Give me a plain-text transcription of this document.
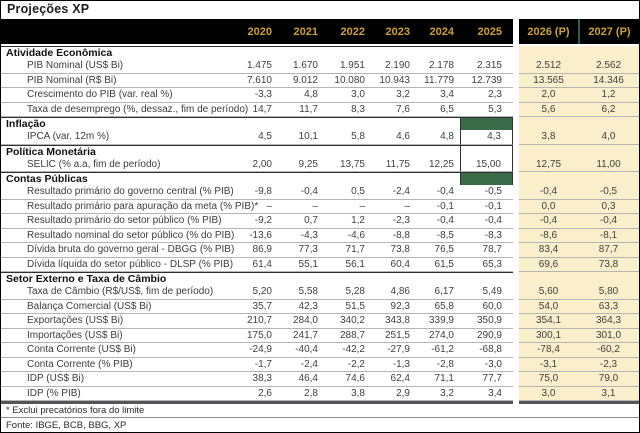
Projeções XP
2020	2021	2022	2023	2024	2025	2026 (P)	2027 (P)
Atividade Econômica
PIB Nominal (US$ Bi)	1.475	1.670	1.951	2.190	2.178	2.315	2.512	2.562
PIB Nominal (R$ Bi)	7.610	9.012	10.080	10.943	11.779	12.739	13.565	14.346
Crescimento do PIB (var. real %)	-3,3	4,8	3,0	3,2	3,4	2,3	2,0	1,2
Taxa de desemprego (%, dessaz., fim de período) 14,7	11,7	8,3	7,6	6,5	5,3	5,6	6,2
Inflação
IPCA (var. 12m %)	4,5	10,1	5,8	4,6	4,8	4,3	3,8	4,0
Política Monetária
SELIC (% a.a, fim de período)	2,00	9,25	13,75	11,75	12,25	15,00	12,75	11,00
Contas Públicas
Resultado primário do governo central (% PIB)	-9,8	-0,4	0,5	-2,4	-0,4	-0,5	-0,4	-0,5
Resultado primário para apuração da meta (% PIB)* –	–	–	–	-0,1	-0,1	0,0	0,3
Resultado primário do setor público (% PIB)	-9,2	0,7	1,2	-2,3	-0,4	-0,4	-0,4	-0,4
Resultado nominal do setor público (% do PIB)	-13,6	-4,3	-4,6	-8,8	-8,5	-8,3	-8,6	-8,1
Dívida bruta do governo geral - DBGG (% PIB)	86,9	77,3	71,7	73,8	76,5	78,7	83,4	87,7
Dívida líquida do setor público - DLSP (% PIB)	61,4	55,1	56,1	60,4	61,5	65,3	69,6	73,8
Setor Externo e Taxa de Câmbio
Taxa de Câmbio (R$/US$, fim de período)	5,20	5,58	5,28	4,86	6,17	5,49	5,60	5,80
Balança Comercial (US$ Bi)	35,7	42,3	51,5	92,3	65,8	60,0	54,0	63,3
Exportações (US$ Bi)	210,7	284,0	340,2	343,8	339,9	350,9	354,1	364,3
Importações (US$ Bi)	175,0	241,7	288,7	251,5	274,0	290,9	300,1	301,0
Conta Corrente (US$ Bi)	-24,9	-40,4	-42,2	-27,9	-61,2	-68,8	-78,4	-60,2
Conta Corrente (% PIB)	-1,7	-2,4	-2,2	-1,3	-2,8	-3,0	-3,1	-2,3
IDP (US$ Bi)	38,3	46,4	74,6	62,4	71,1	77,7	75,0	79,0
IDP (% PIB)	2,6	2,8	3,8	2,9	3,2	3,4	3,0	3,1
* Exclui precatórios fora do limite
Fonte: IBGE, BCB, BBG, XP
